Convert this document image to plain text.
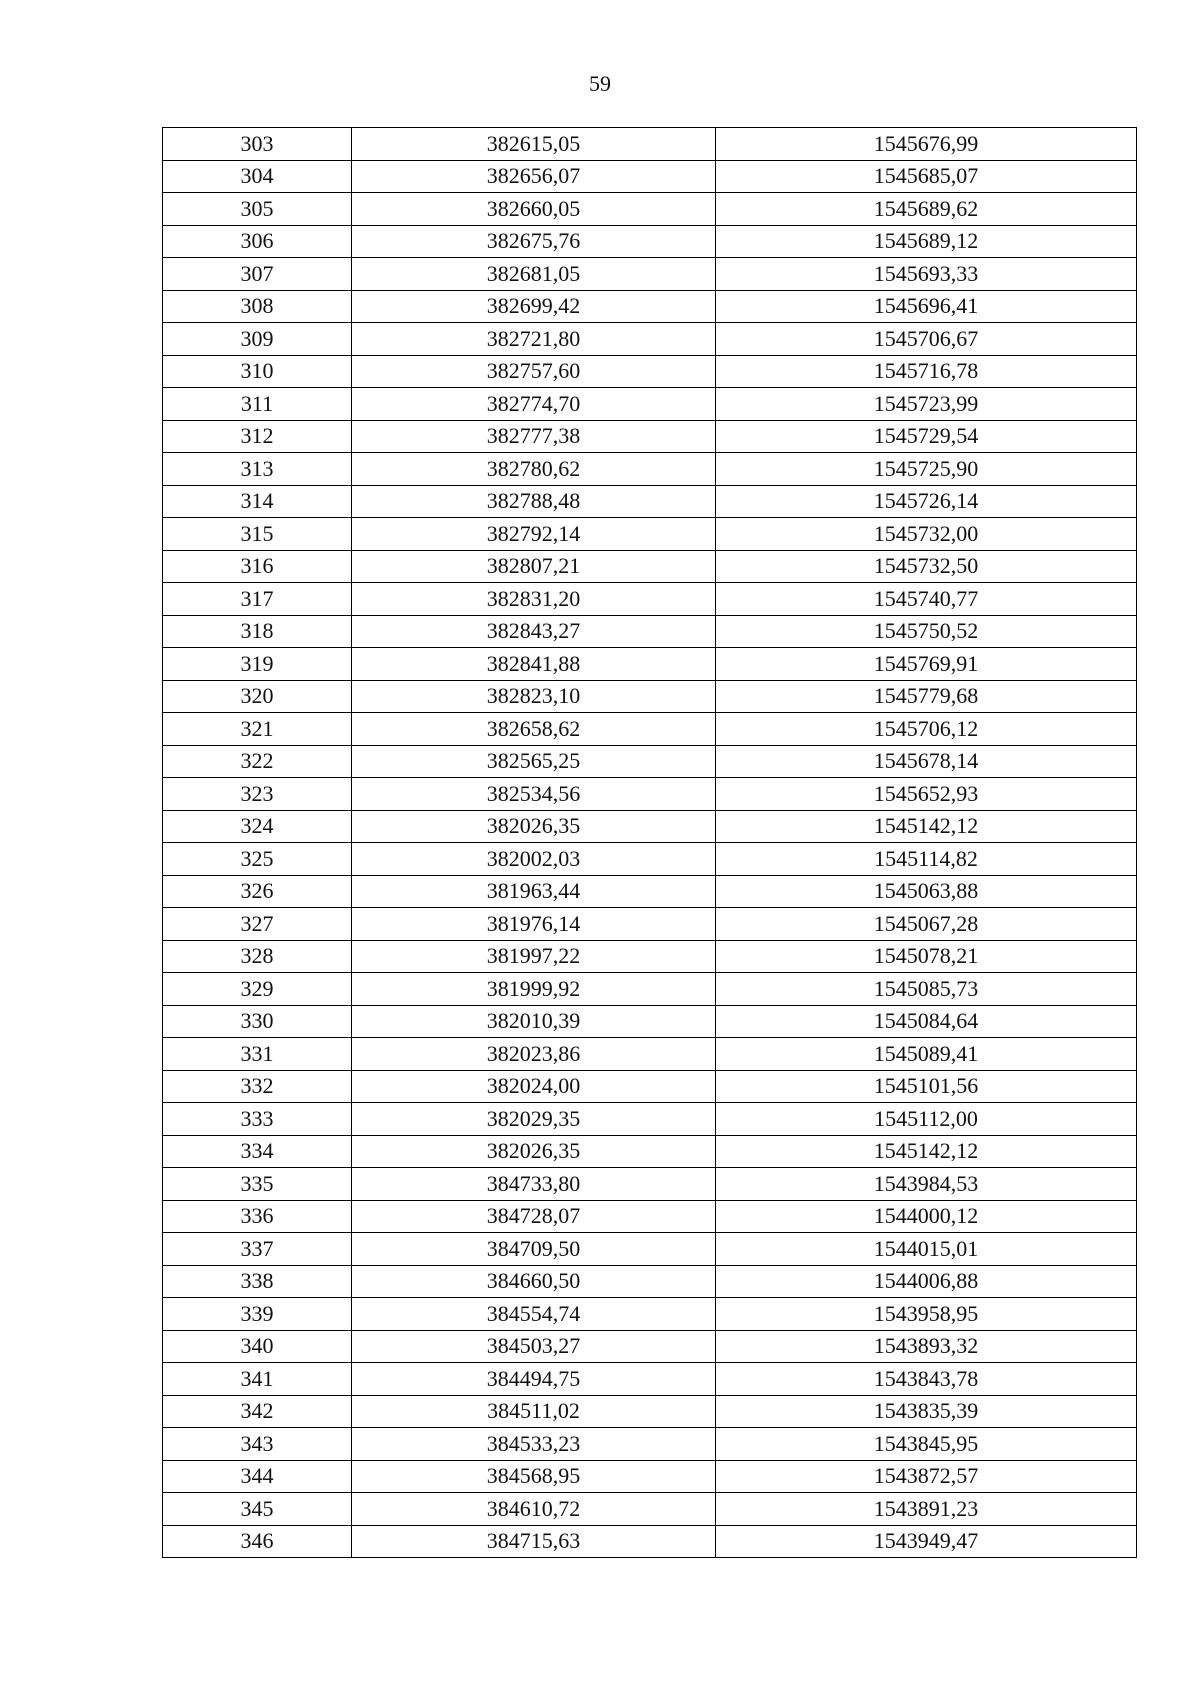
59
303	382615,05	1545676,99
304	382656,07	1545685,07
305	382660,05	1545689,62
306	382675,76	1545689,12
307	382681,05	1545693,33
308	382699,42	1545696,41
309	382721,80	1545706,67
310	382757,60	1545716,78
311	382774,70	1545723,99
312	382777,38	1545729,54
313	382780,62	1545725,90
314	382788,48	1545726,14
315	382792,14	1545732,00
316	382807,21	1545732,50
317	382831,20	1545740,77
318	382843,27	1545750,52
319	382841,88	1545769,91
320	382823,10	1545779,68
321	382658,62	1545706,12
322	382565,25	1545678,14
323	382534,56	1545652,93
324	382026,35	1545142,12
325	382002,03	1545114,82
326	381963,44	1545063,88
327	381976,14	1545067,28
328	381997,22	1545078,21
329	381999,92	1545085,73
330	382010,39	1545084,64
331	382023,86	1545089,41
332	382024,00	1545101,56
333	382029,35	1545112,00
334	382026,35	1545142,12
335	384733,80	1543984,53
336	384728,07	1544000,12
337	384709,50	1544015,01
338	384660,50	1544006,88
339	384554,74	1543958,95
340	384503,27	1543893,32
341	384494,75	1543843,78
342	384511,02	1543835,39
343	384533,23	1543845,95
344	384568,95	1543872,57
345	384610,72	1543891,23
346	384715,63	1543949,47
